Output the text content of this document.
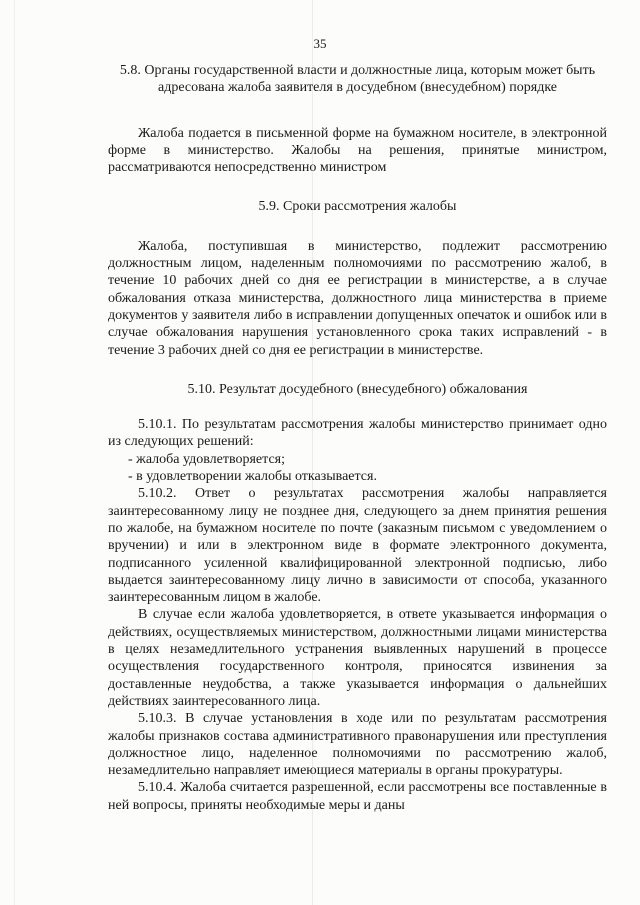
35

5.8. Органы государственной власти и должностные лица, которым может быть адресована жалоба заявителя в досудебном (внесудебном) порядке

Жалоба подается в письменной форме на бумажном носителе, в электронной форме в министерство. Жалобы на решения, принятые министром, рассматриваются непосредственно министром

5.9. Сроки рассмотрения жалобы

Жалоба, поступившая в министерство, подлежит рассмотрению должностным лицом, наделенным полномочиями по рассмотрению жалоб, в течение 10 рабочих дней со дня ее регистрации в министерстве, а в случае обжалования отказа министерства, должностного лица министерства в приеме документов у заявителя либо в исправлении допущенных опечаток и ошибок или в случае обжалования нарушения установленного срока таких исправлений - в течение 3 рабочих дней со дня ее регистрации в министерстве.

5.10. Результат досудебного (внесудебного) обжалования

5.10.1. По результатам рассмотрения жалобы министерство принимает одно из следующих решений:

- жалоба удовлетворяется;

- в удовлетворении жалобы отказывается.

5.10.2. Ответ о результатах рассмотрения жалобы направляется заинтересованному лицу не позднее дня, следующего за днем принятия решения по жалобе, на бумажном носителе по почте (заказным письмом с уведомлением о вручении) и или в электронном виде в формате электронного документа, подписанного усиленной квалифицированной электронной подписью, либо выдается заинтересованному лицу лично в зависимости от способа, указанного заинтересованным лицом в жалобе.

В случае если жалоба удовлетворяется, в ответе указывается информация о действиях, осуществляемых министерством, должностными лицами министерства в целях незамедлительного устранения выявленных нарушений в процессе осуществления государственного контроля, приносятся извинения за доставленные неудобства, а также указывается информация о дальнейших действиях заинтересованного лица.

5.10.3. В случае установления в ходе или по результатам рассмотрения жалобы признаков состава административного правонарушения или преступления должностное лицо, наделенное полномочиями по рассмотрению жалоб, незамедлительно направляет имеющиеся материалы в органы прокуратуры.

5.10.4. Жалоба считается разрешенной, если рассмотрены все поставленные в ней вопросы, приняты необходимые меры и даны
